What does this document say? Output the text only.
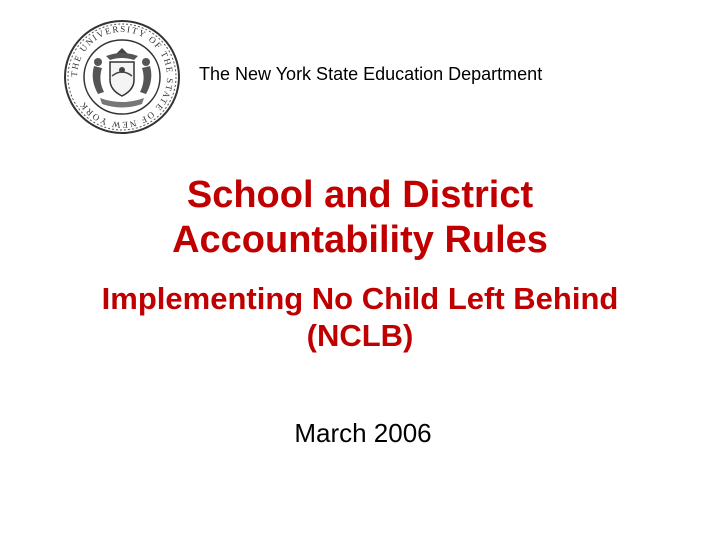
THE UNIVERSITY OF THE STATE OF NEW YORK
The New York State Education Department
School and District
Accountability Rules
Implementing No Child Left Behind
(NCLB)
March 2006
